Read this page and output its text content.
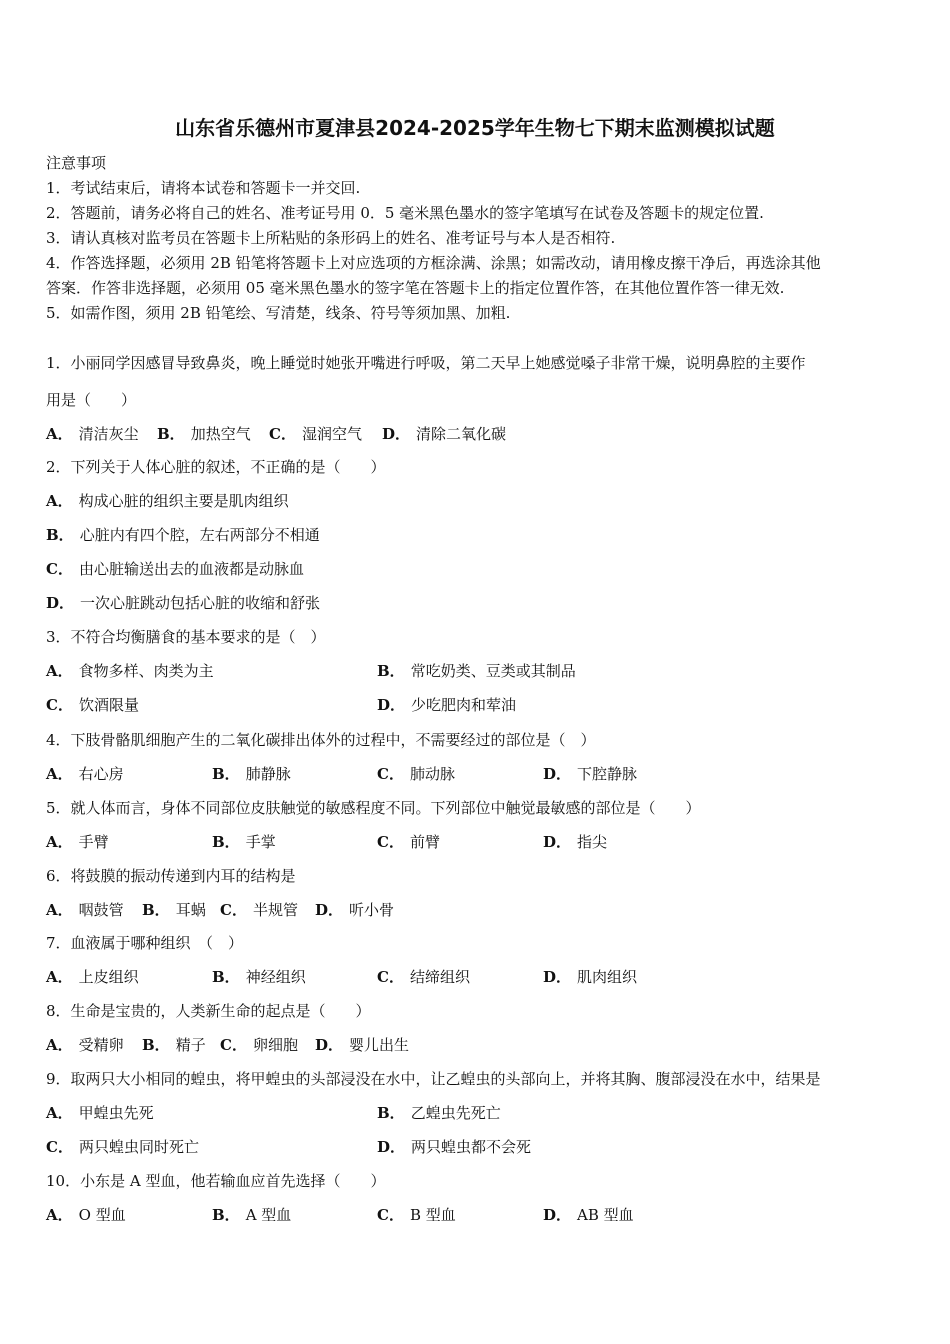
山东省乐德州市夏津县2024-2025学年生物七下期末监测模拟试题
注意事项
1．考试结束后，请将本试卷和答题卡一并交回.
2．答题前，请务必将自己的姓名、准考证号用 0．5 毫米黑色墨水的签字笔填写在试卷及答题卡的规定位置.
3．请认真核对监考员在答题卡上所粘贴的条形码上的姓名、准考证号与本人是否相符.
4．作答选择题，必须用 2B 铅笔将答题卡上对应选项的方框涂满、涂黑；如需改动，请用橡皮擦干净后，再选涂其他
答案．作答非选择题，必须用 05 毫米黑色墨水的签字笔在答题卡上的指定位置作答，在其他位置作答一律无效.
5．如需作图，须用 2B 铅笔绘、写清楚，线条、符号等须加黑、加粗.
1．小丽同学因感冒导致鼻炎，晚上睡觉时她张开嘴进行呼吸，第二天早上她感觉嗓子非常干燥，说明鼻腔的主要作
用是（　　）
A． 清洁灰尘 B． 加热空气 C． 湿润空气 D． 清除二氧化碳
2．下列关于人体心脏的叙述，不正确的是（　　）
A． 构成心脏的组织主要是肌肉组织
B． 心脏内有四个腔，左右两部分不相通
C． 由心脏输送出去的血液都是动脉血
D． 一次心脏跳动包括心脏的收缩和舒张
3．不符合均衡膳食的基本要求的是（　）
A． 食物多样、肉类为主	B． 常吃奶类、豆类或其制品
C． 饮酒限量	D． 少吃肥肉和荤油
4．下肢骨骼肌细胞产生的二氧化碳排出体外的过程中，不需要经过的部位是（　）
A． 右心房	B． 肺静脉	C． 肺动脉	D． 下腔静脉
5．就人体而言，身体不同部位皮肤触觉的敏感程度不同。下列部位中触觉最敏感的部位是（　　）
A． 手臂	B． 手掌	C． 前臂	D． 指尖
6．将鼓膜的振动传递到内耳的结构是
A． 咽鼓管 B． 耳蜗 C． 半规管 D． 听小骨
7．血液属于哪种组织　（　）
A． 上皮组织	B． 神经组织	C． 结缔组织	D． 肌肉组织
8．生命是宝贵的，人类新生命的起点是（　　）
A． 受精卵 B． 精子 C． 卵细胞 D． 婴儿出生
9．取两只大小相同的蝗虫，将甲蝗虫的头部浸没在水中，让乙蝗虫的头部向上，并将其胸、腹部浸没在水中，结果是
A． 甲蝗虫先死	B． 乙蝗虫先死亡
C． 两只蝗虫同时死亡	D． 两只蝗虫都不会死
10．小东是 A 型血，他若输血应首先选择（　　）
A． O 型血	B． A 型血	C． B 型血	D． AB 型血
